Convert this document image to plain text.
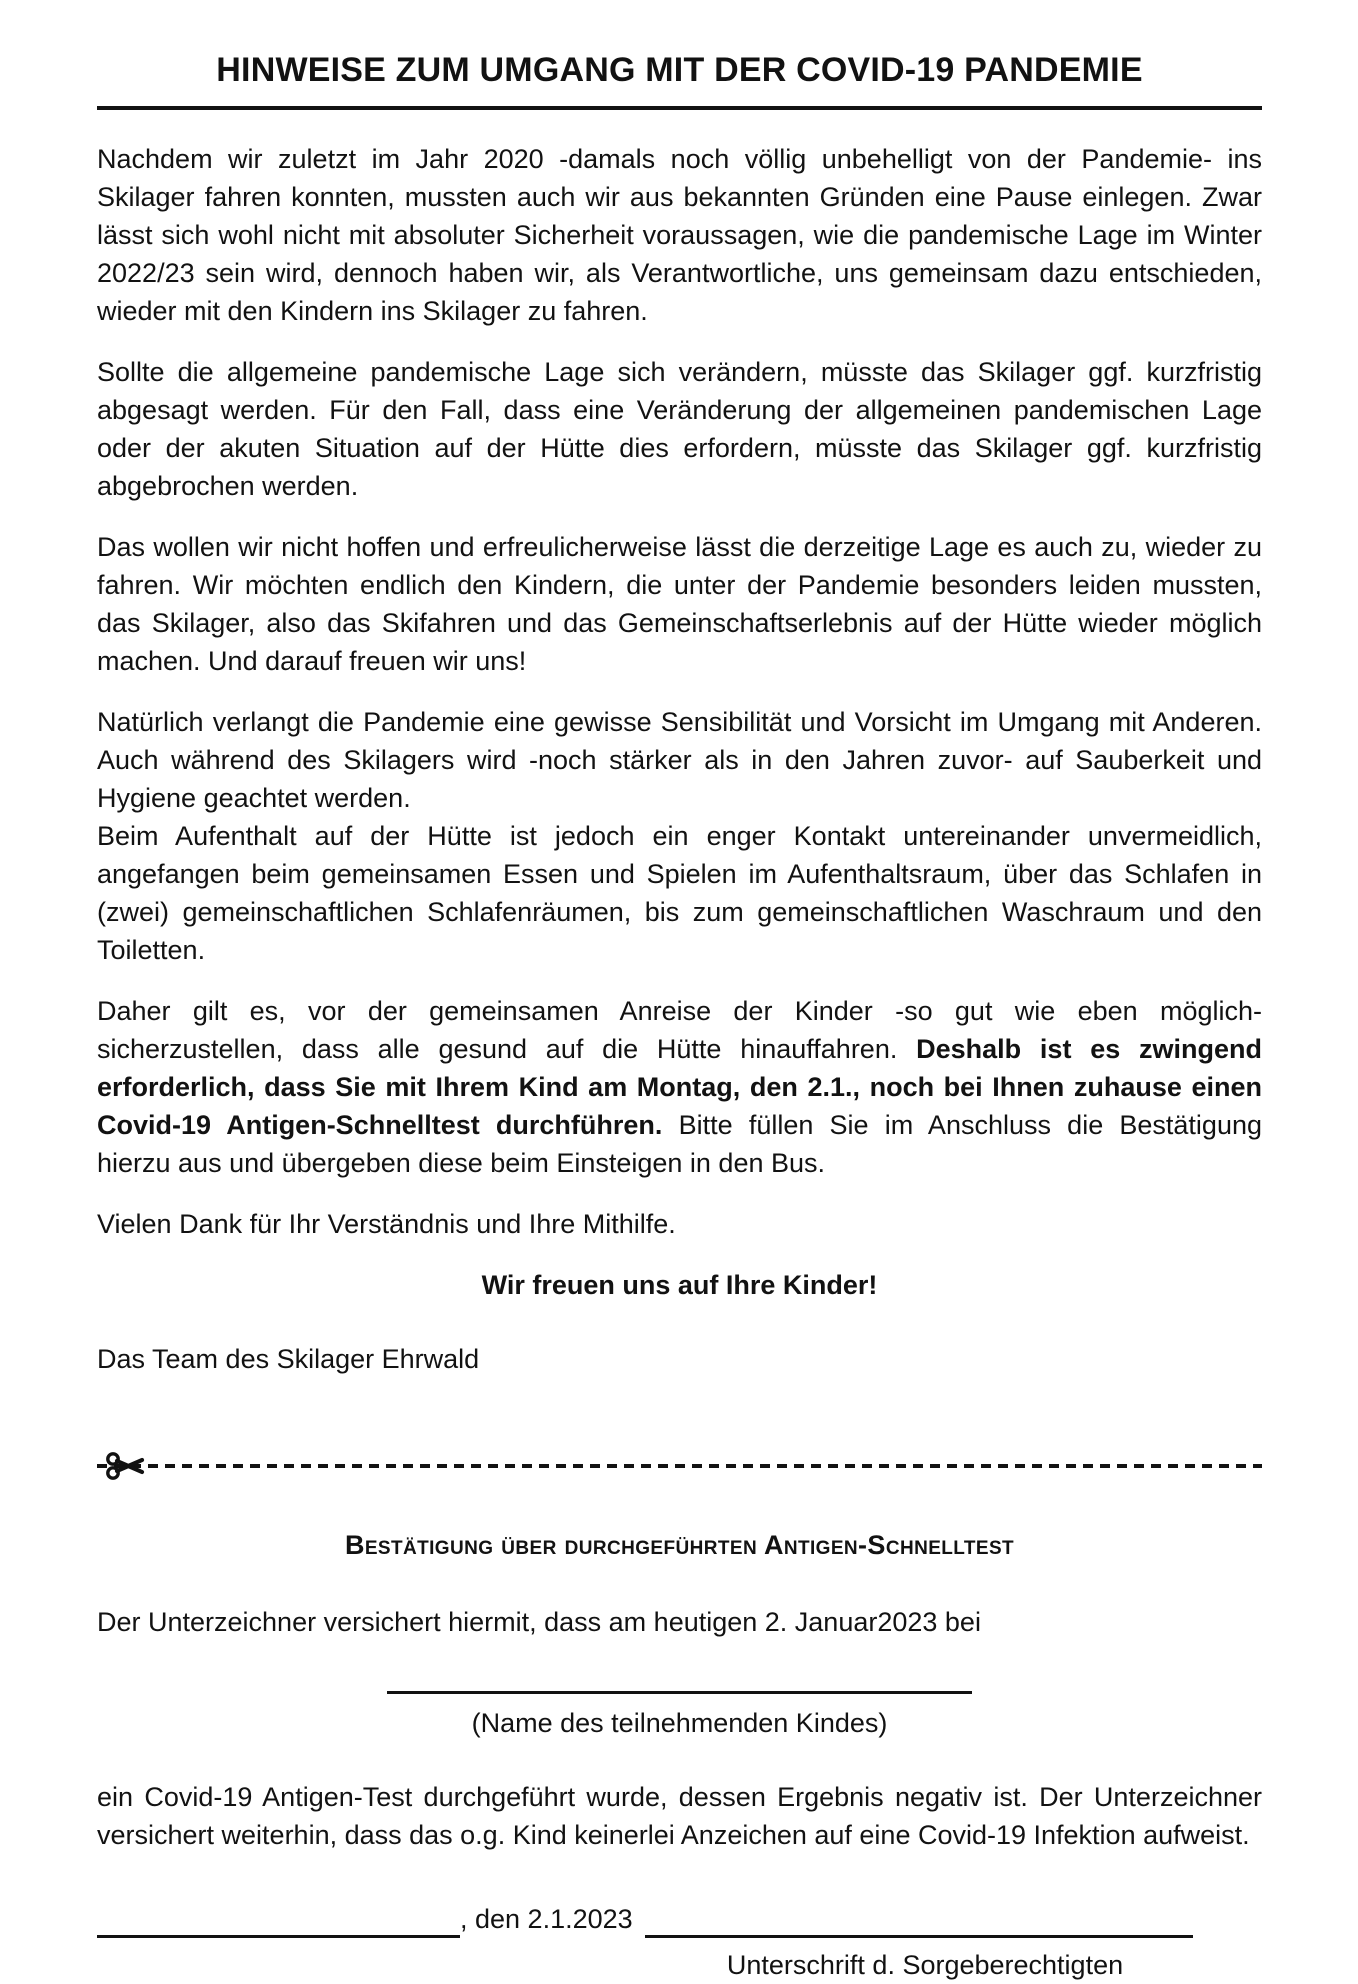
HINWEISE ZUM UMGANG MIT DER COVID-19 PANDEMIE

Nachdem wir zuletzt im Jahr 2020 -damals noch völlig unbehelligt von der Pandemie- ins Skilager fahren konnten, mussten auch wir aus bekannten Gründen eine Pause einlegen. Zwar lässt sich wohl nicht mit absoluter Sicherheit voraussagen, wie die pandemische Lage im Winter 2022/23 sein wird, dennoch haben wir, als Verantwortliche, uns gemeinsam dazu entschieden, wieder mit den Kindern ins Skilager zu fahren.

Sollte die allgemeine pandemische Lage sich verändern, müsste das Skilager ggf. kurzfristig abgesagt werden. Für den Fall, dass eine Veränderung der allgemeinen pandemischen Lage oder der akuten Situation auf der Hütte dies erfordern, müsste das Skilager ggf. kurzfristig abgebrochen werden.

Das wollen wir nicht hoffen und erfreulicherweise lässt die derzeitige Lage es auch zu, wieder zu fahren. Wir möchten endlich den Kindern, die unter der Pandemie besonders leiden mussten, das Skilager, also das Skifahren und das Gemeinschaftserlebnis auf der Hütte wieder möglich machen. Und darauf freuen wir uns!

Natürlich verlangt die Pandemie eine gewisse Sensibilität und Vorsicht im Umgang mit Anderen. Auch während des Skilagers wird -noch stärker als in den Jahren zuvor- auf Sauberkeit und Hygiene geachtet werden.

Beim Aufenthalt auf der Hütte ist jedoch ein enger Kontakt untereinander unvermeidlich, angefangen beim gemeinsamen Essen und Spielen im Aufenthaltsraum, über das Schlafen in (zwei) gemeinschaftlichen Schlafenräumen, bis zum gemeinschaftlichen Waschraum und den Toiletten.

Daher gilt es, vor der gemeinsamen Anreise der Kinder -so gut wie eben möglich- sicherzustellen, dass alle gesund auf die Hütte hinauffahren. Deshalb ist es zwingend erforderlich, dass Sie mit Ihrem Kind am Montag, den 2.1., noch bei Ihnen zuhause einen Covid-19 Antigen-Schnelltest durchführen. Bitte füllen Sie im Anschluss die Bestätigung hierzu aus und übergeben diese beim Einsteigen in den Bus.

Vielen Dank für Ihr Verständnis und Ihre Mithilfe.

Wir freuen uns auf Ihre Kinder!

Das Team des Skilager Ehrwald

Bestätigung über durchgeführten Antigen-Schnelltest

Der Unterzeichner versichert hiermit, dass am heutigen 2. Januar2023 bei

(Name des teilnehmenden Kindes)

ein Covid-19 Antigen-Test durchgeführt wurde, dessen Ergebnis negativ ist. Der Unterzeichner versichert weiterhin, dass das o.g. Kind keinerlei Anzeichen auf eine Covid-19 Infektion aufweist.

, den 2.1.2023
Unterschrift d. Sorgeberechtigten
